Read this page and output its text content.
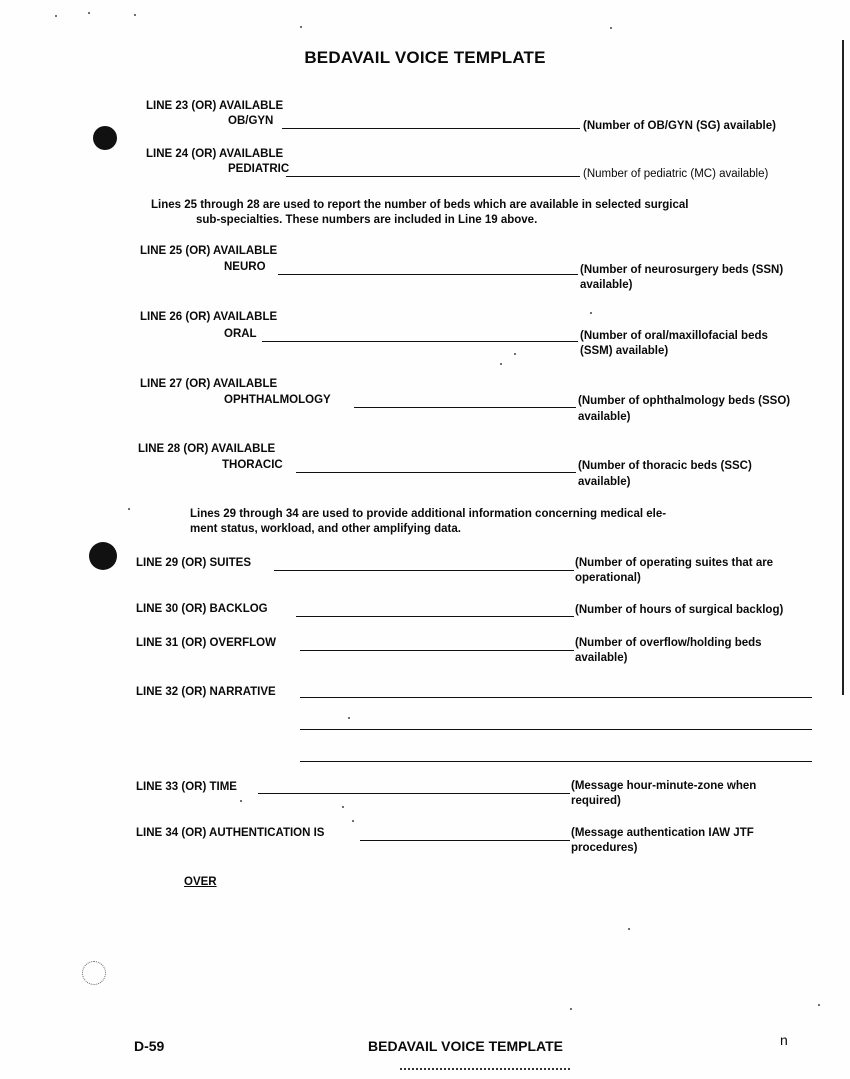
BEDAVAIL VOICE TEMPLATE
LINE 23 (OR) AVAILABLE
OB/GYN	(Number of OB/GYN (SG) available)
LINE 24 (OR) AVAILABLE
PEDIATRIC	(Number of pediatric (MC) available)
Lines 25 through 28 are used to report the number of beds which are available in selected surgical
sub-specialties. These numbers are included in Line 19 above.
LINE 25 (OR) AVAILABLE
NEURO	(Number of neurosurgery beds (SSN)
available)
LINE 26 (OR) AVAILABLE
ORAL	(Number of oral/maxillofacial beds
(SSM) available)
LINE 27 (OR) AVAILABLE
OPHTHALMOLOGY	(Number of ophthalmology beds (SSO)
available)
LINE 28 (OR) AVAILABLE
THORACIC	(Number of thoracic beds (SSC)
available)
Lines 29 through 34 are used to provide additional information concerning medical ele-
ment status, workload, and other amplifying data.
LINE 29 (OR) SUITES	(Number of operating suites that are
operational)
LINE 30 (OR) BACKLOG	(Number of hours of surgical backlog)
LINE 31 (OR) OVERFLOW	(Number of overflow/holding beds
available)
LINE 32 (OR) NARRATIVE
LINE 33 (OR) TIME	(Message hour-minute-zone when
required)
LINE 34 (OR) AUTHENTICATION IS	(Message authentication IAW JTF
procedures)
OVER
D-59	BEDAVAIL VOICE TEMPLATE	n
